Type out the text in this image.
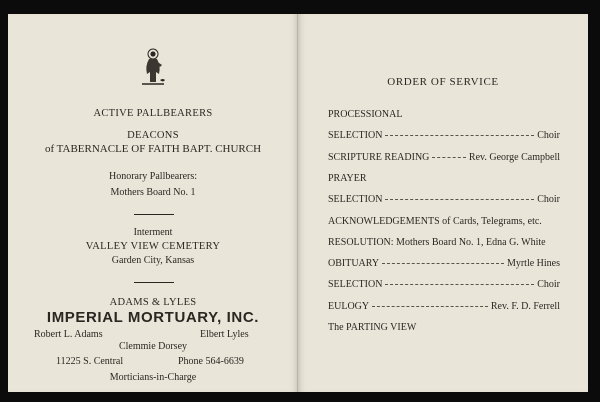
ACTIVE PALLBEARERS
DEACONS
of TABERNACLE OF FAITH BAPT. CHURCH
Honorary Pallbearers:
Mothers Board No. 1
Interment
VALLEY VIEW CEMETERY
Garden City, Kansas
ADAMS & LYLES
IMPERIAL MORTUARY, INC.
Robert L. Adams	Elbert Lyles
Clemmie Dorsey
11225 S. Central	Phone 564-6639
Morticians-in-Charge
ORDER OF SERVICE
PROCESSIONAL
SELECTION	Choir
SCRIPTURE READING	Rev. George Campbell
PRAYER
SELECTION	Choir
ACKNOWLEDGEMENTS of Cards, Telegrams, etc.
RESOLUTION: Mothers Board No. 1, Edna G. White
OBITUARY	Myrtle Hines
SELECTION	Choir
EULOGY	Rev. F. D. Ferrell
The PARTING VIEW
